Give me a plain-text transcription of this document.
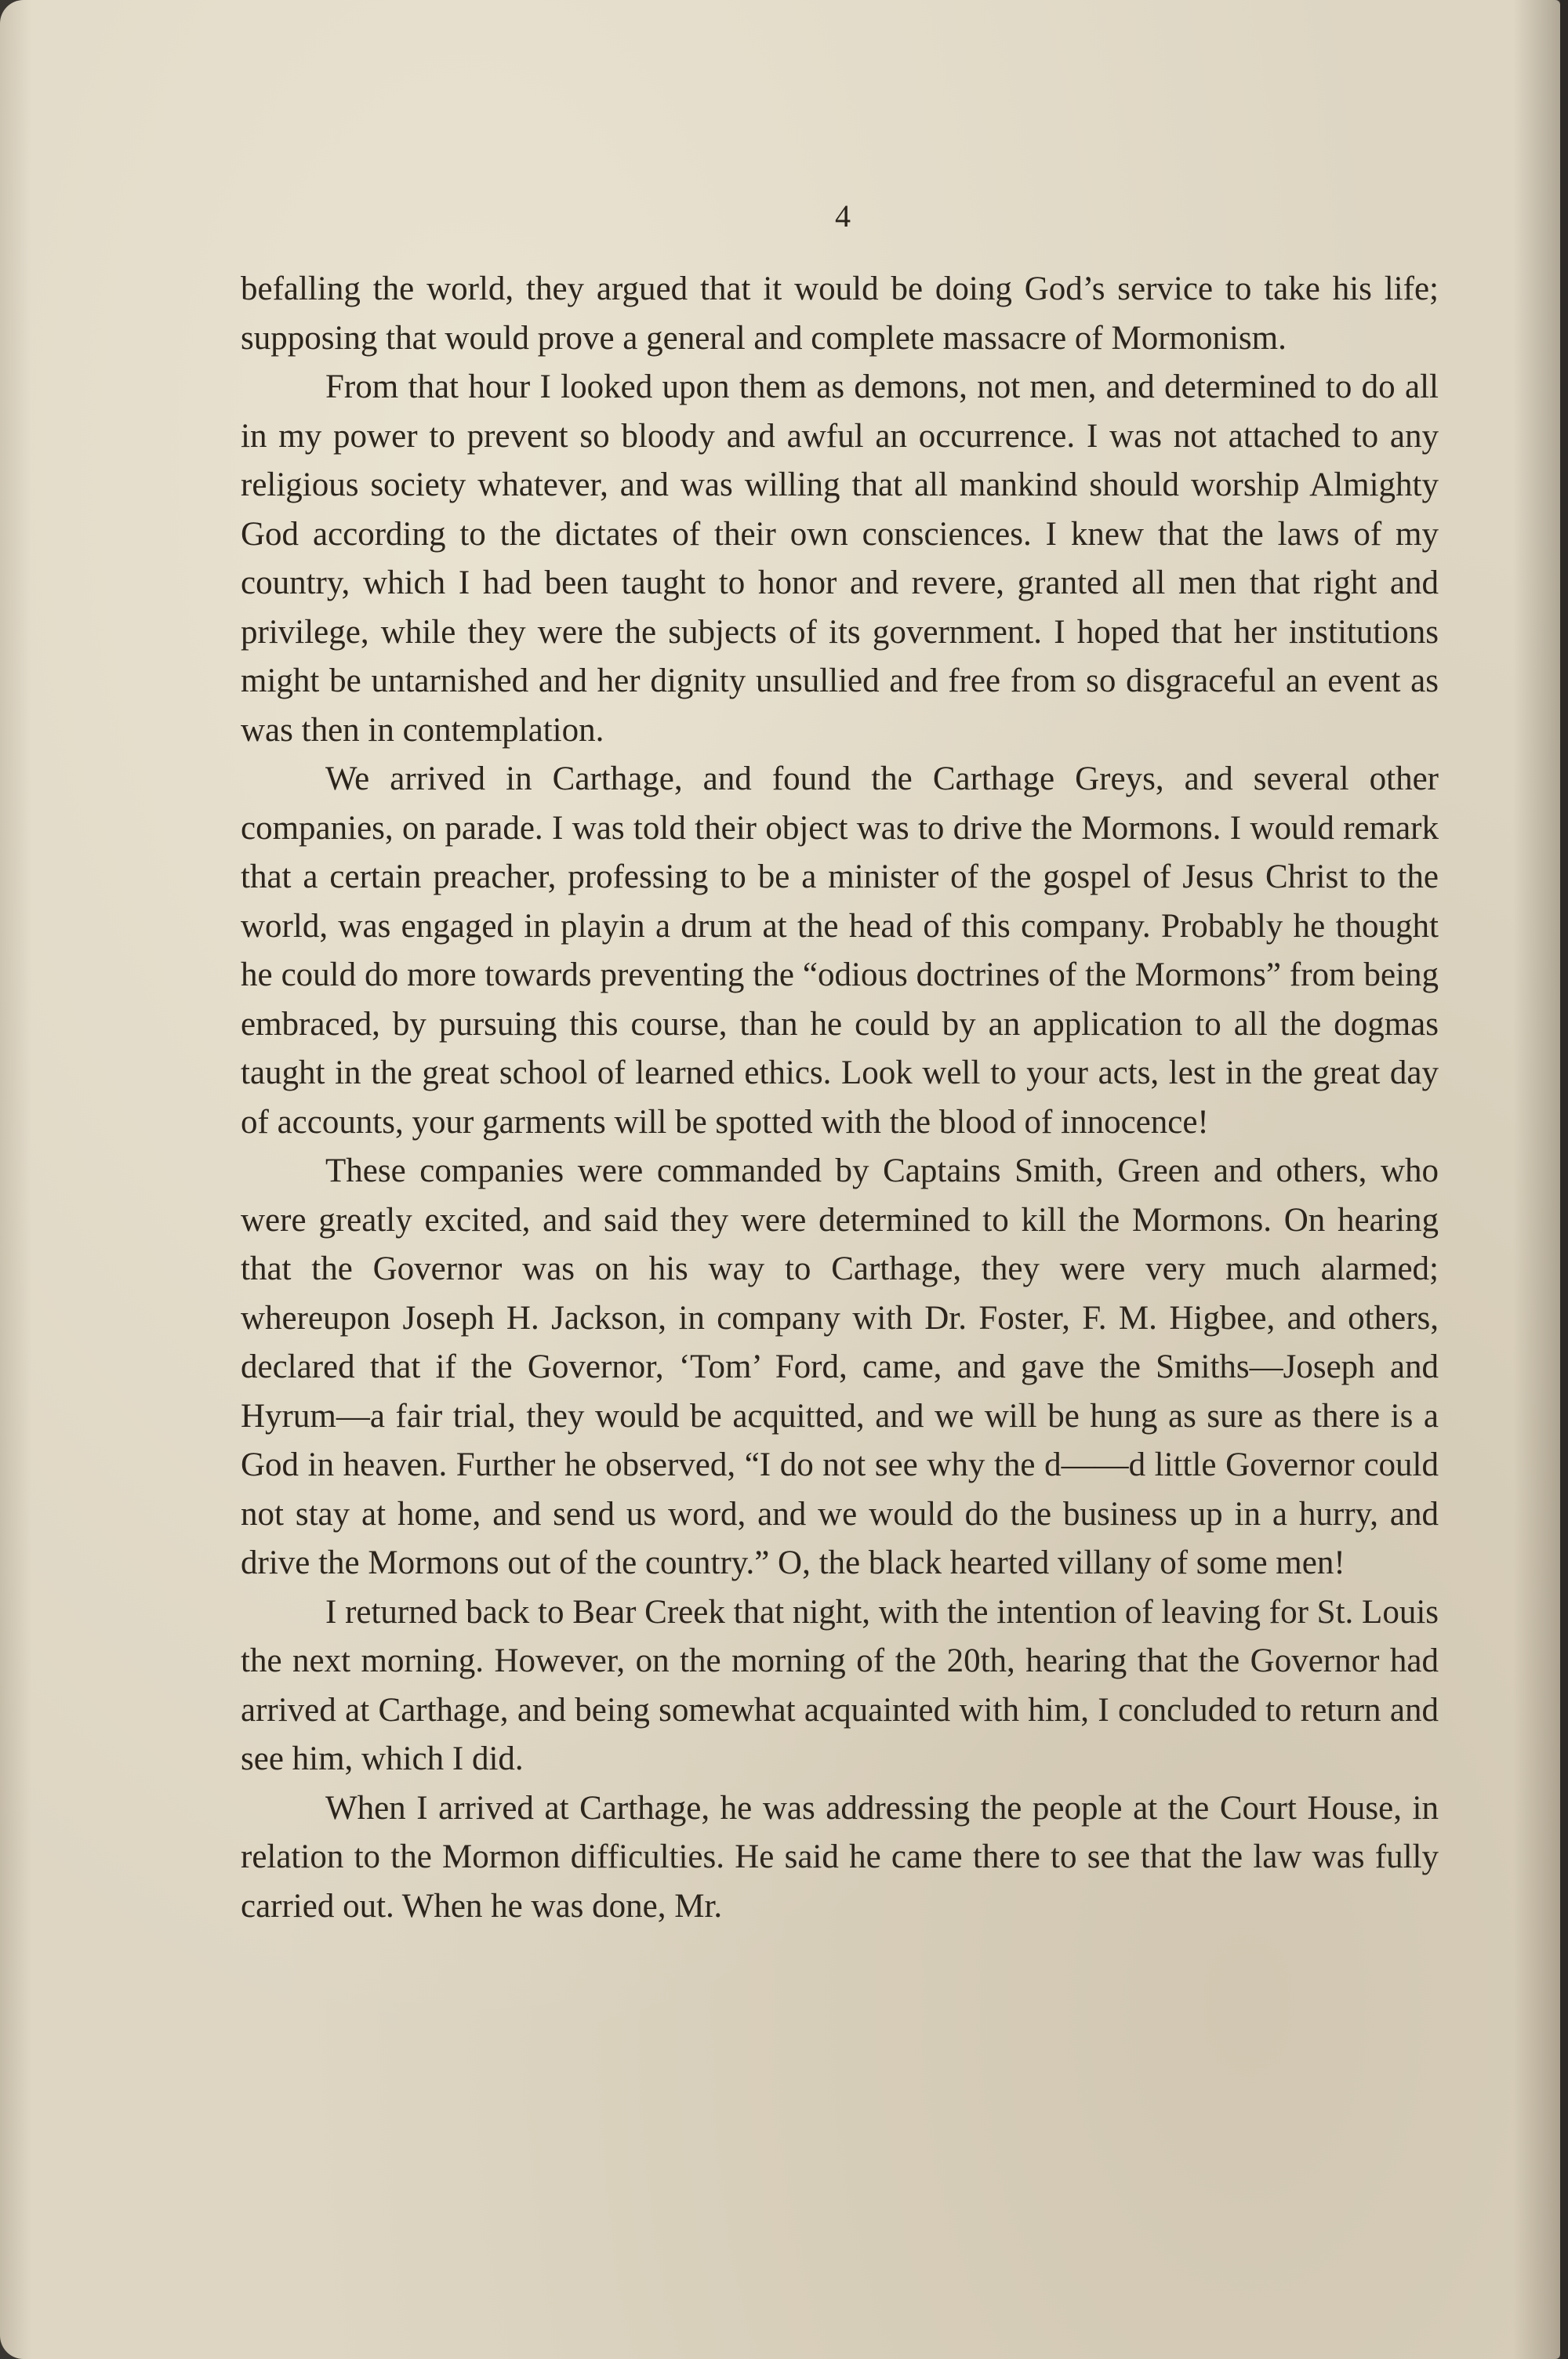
4

befalling the world, they argued that it would be doing God’s service to take his life; supposing that would prove a general and complete massacre of Mormonism.

From that hour I looked upon them as demons, not men, and determined to do all in my power to prevent so bloody and awful an occurrence. I was not attached to any religious society whatever, and was willing that all mankind should worship Almighty God according to the dictates of their own consciences. I knew that the laws of my country, which I had been taught to honor and revere, granted all men that right and privilege, while they were the subjects of its government. I hoped that her institutions might be untarnished and her dignity unsullied and free from so disgraceful an event as was then in contemplation.

We arrived in Carthage, and found the Carthage Greys, and several other companies, on parade. I was told their object was to drive the Mormons. I would remark that a certain preacher, professing to be a minister of the gospel of Jesus Christ to the world, was engaged in playin a drum at the head of this company. Probably he thought he could do more towards preventing the “odious doctrines of the Mormons” from being embraced, by pursuing this course, than he could by an application to all the dogmas taught in the great school of learned ethics. Look well to your acts, lest in the great day of accounts, your garments will be spotted with the blood of innocence!

These companies were commanded by Captains Smith, Green and others, who were greatly excited, and said they were determined to kill the Mormons. On hearing that the Governor was on his way to Carthage, they were very much alarmed; whereupon Joseph H. Jackson, in company with Dr. Foster, F. M. Higbee, and others, declared that if the Governor, ‘Tom’ Ford, came, and gave the Smiths—Joseph and Hyrum—a fair trial, they would be acquitted, and we will be hung as sure as there is a God in heaven. Further he observed, “I do not see why the d——d little Governor could not stay at home, and send us word, and we would do the business up in a hurry, and drive the Mormons out of the country.” O, the black hearted villany of some men!

I returned back to Bear Creek that night, with the intention of leaving for St. Louis the next morning. However, on the morning of the 20th, hearing that the Governor had arrived at Carthage, and being somewhat acquainted with him, I concluded to return and see him, which I did.

When I arrived at Carthage, he was addressing the people at the Court House, in relation to the Mormon difficulties. He said he came there to see that the law was fully carried out. When he was done, Mr.
